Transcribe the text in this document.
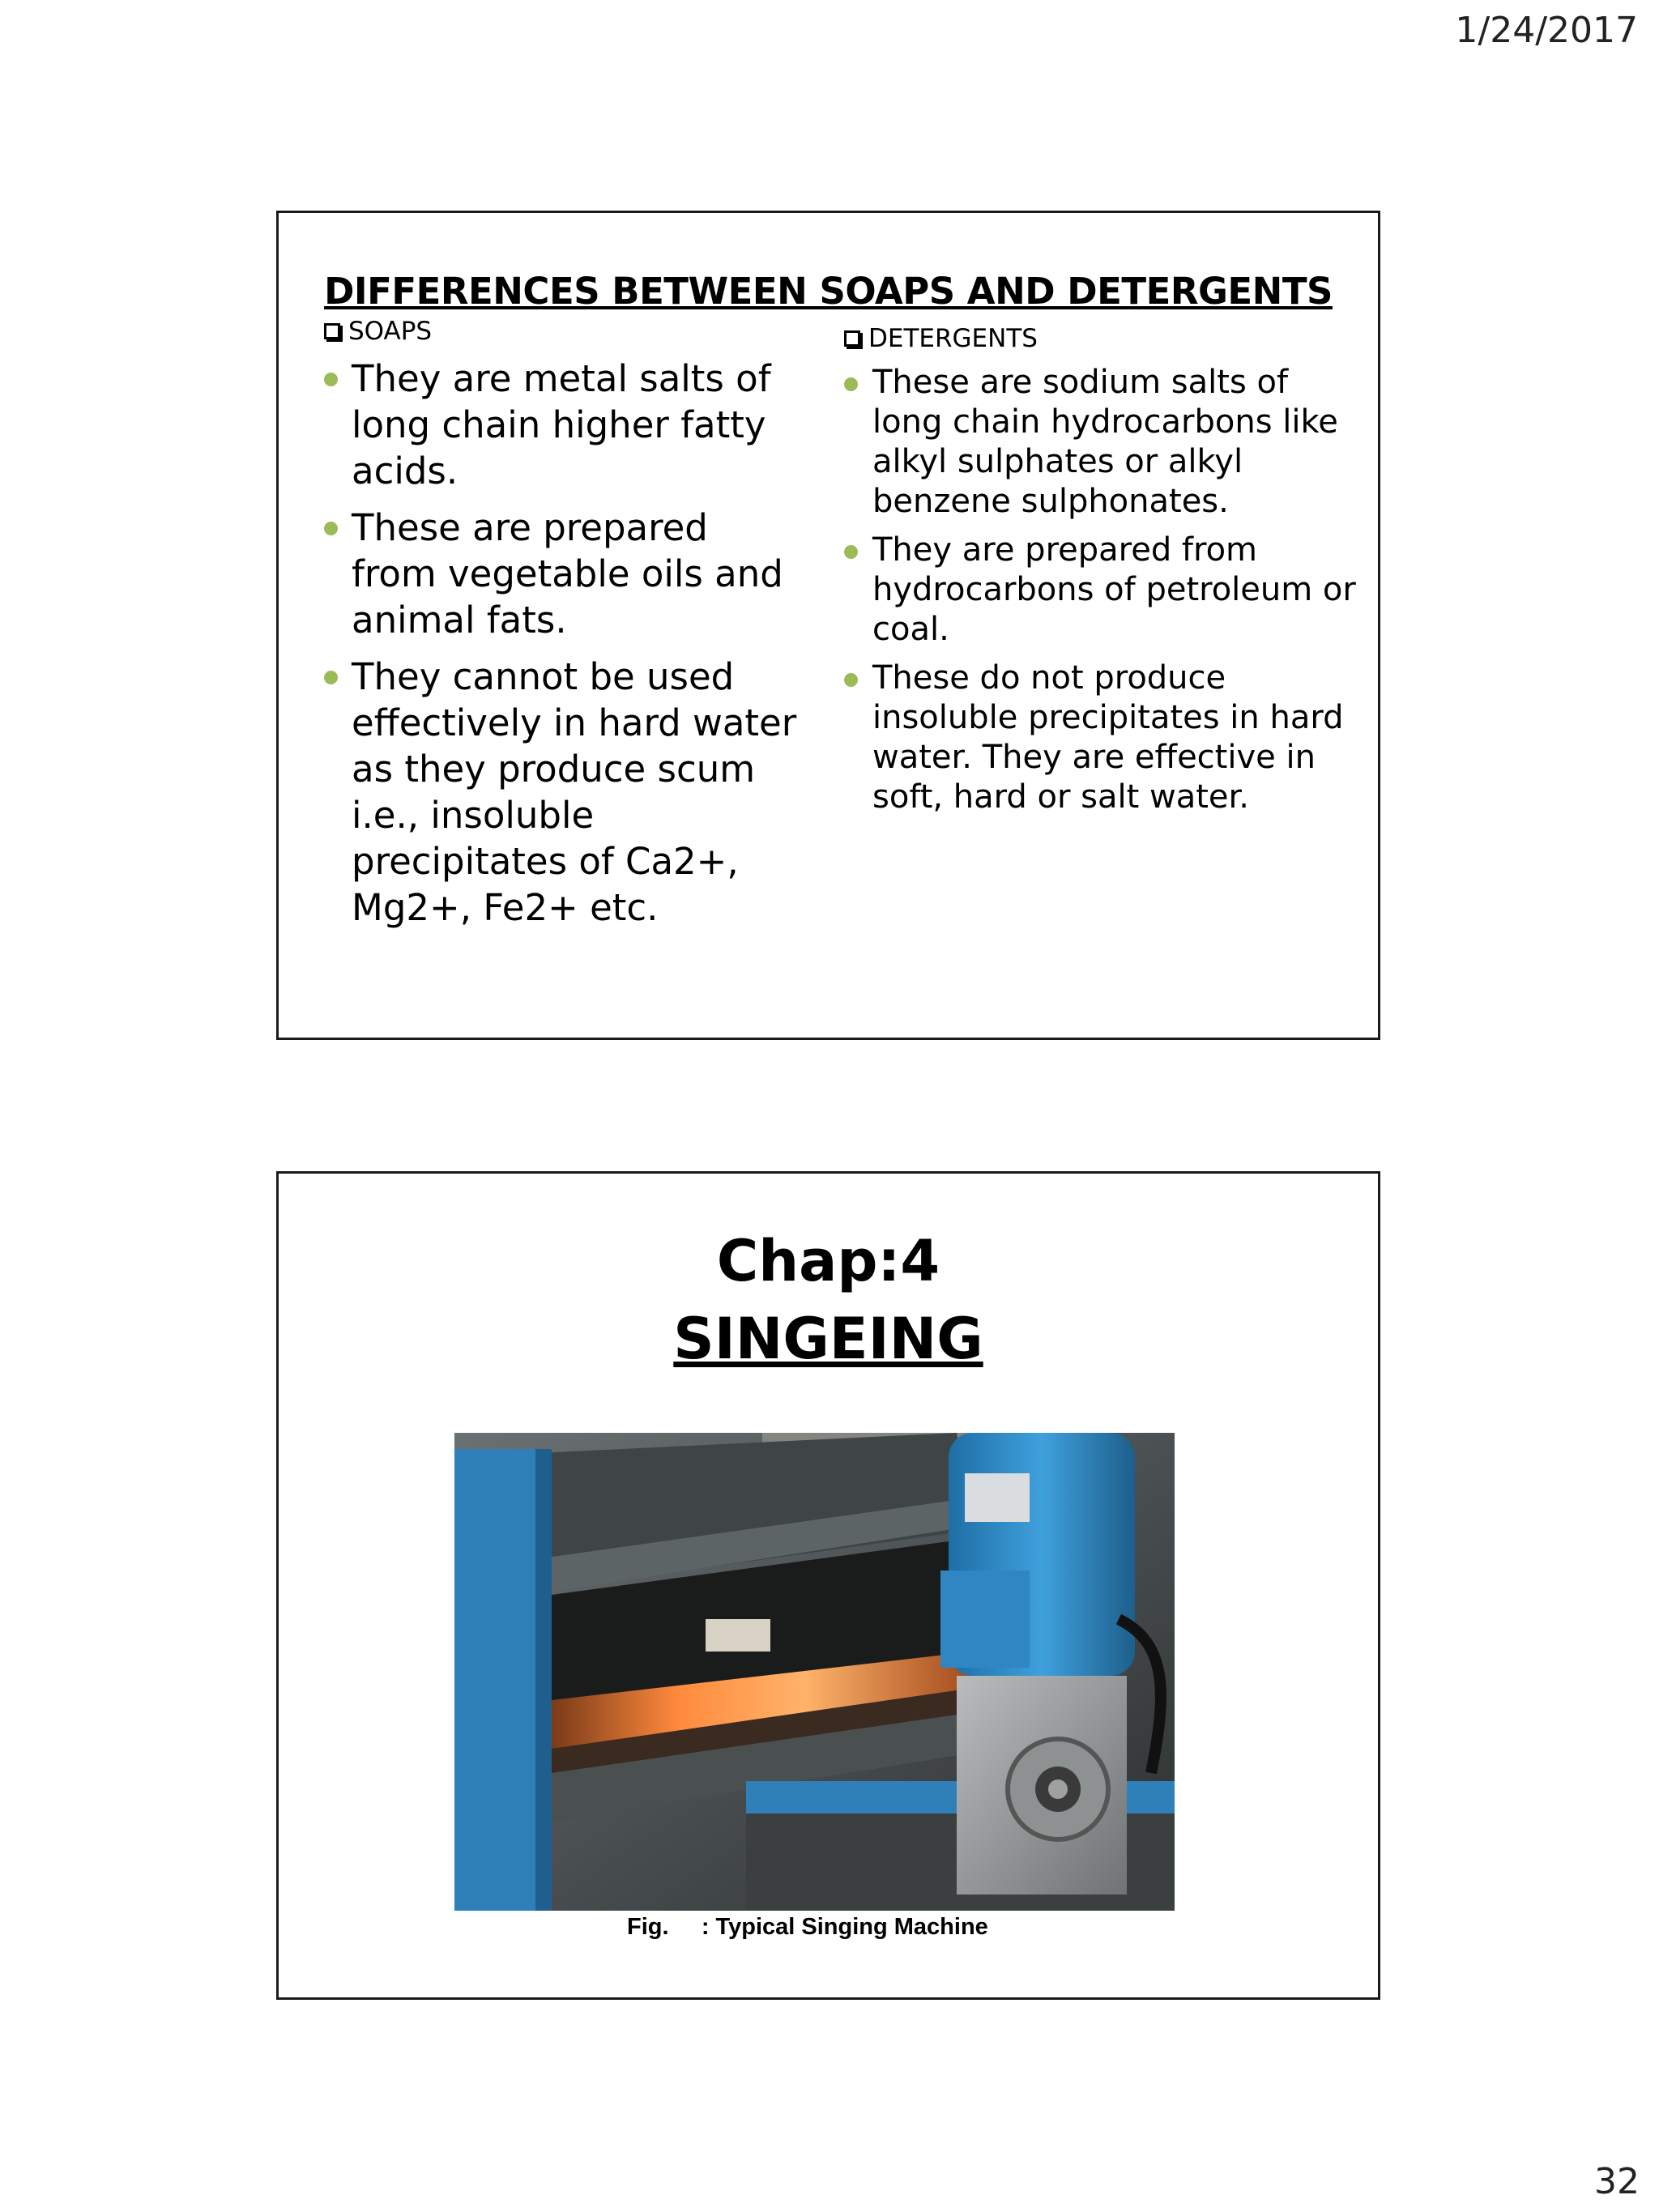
1/24/2017
DIFFERENCES BETWEEN SOAPS AND DETERGENTS
SOAPS
They are metal salts of long chain higher fatty acids.
These are prepared from vegetable oils and animal fats.
They cannot be used effectively in hard water as they produce scum i.e., insoluble precipitates of Ca2+, Mg2+, Fe2+ etc.
DETERGENTS
These are sodium salts of long chain hydrocarbons like alkyl sulphates or alkyl benzene sulphonates.
They are prepared from hydrocarbons of petroleum or coal.
These do not produce insoluble precipitates in hard water. They are effective in soft, hard or salt water.
Chap:4
SINGEING
Fig. : Typical Singing Machine
32
